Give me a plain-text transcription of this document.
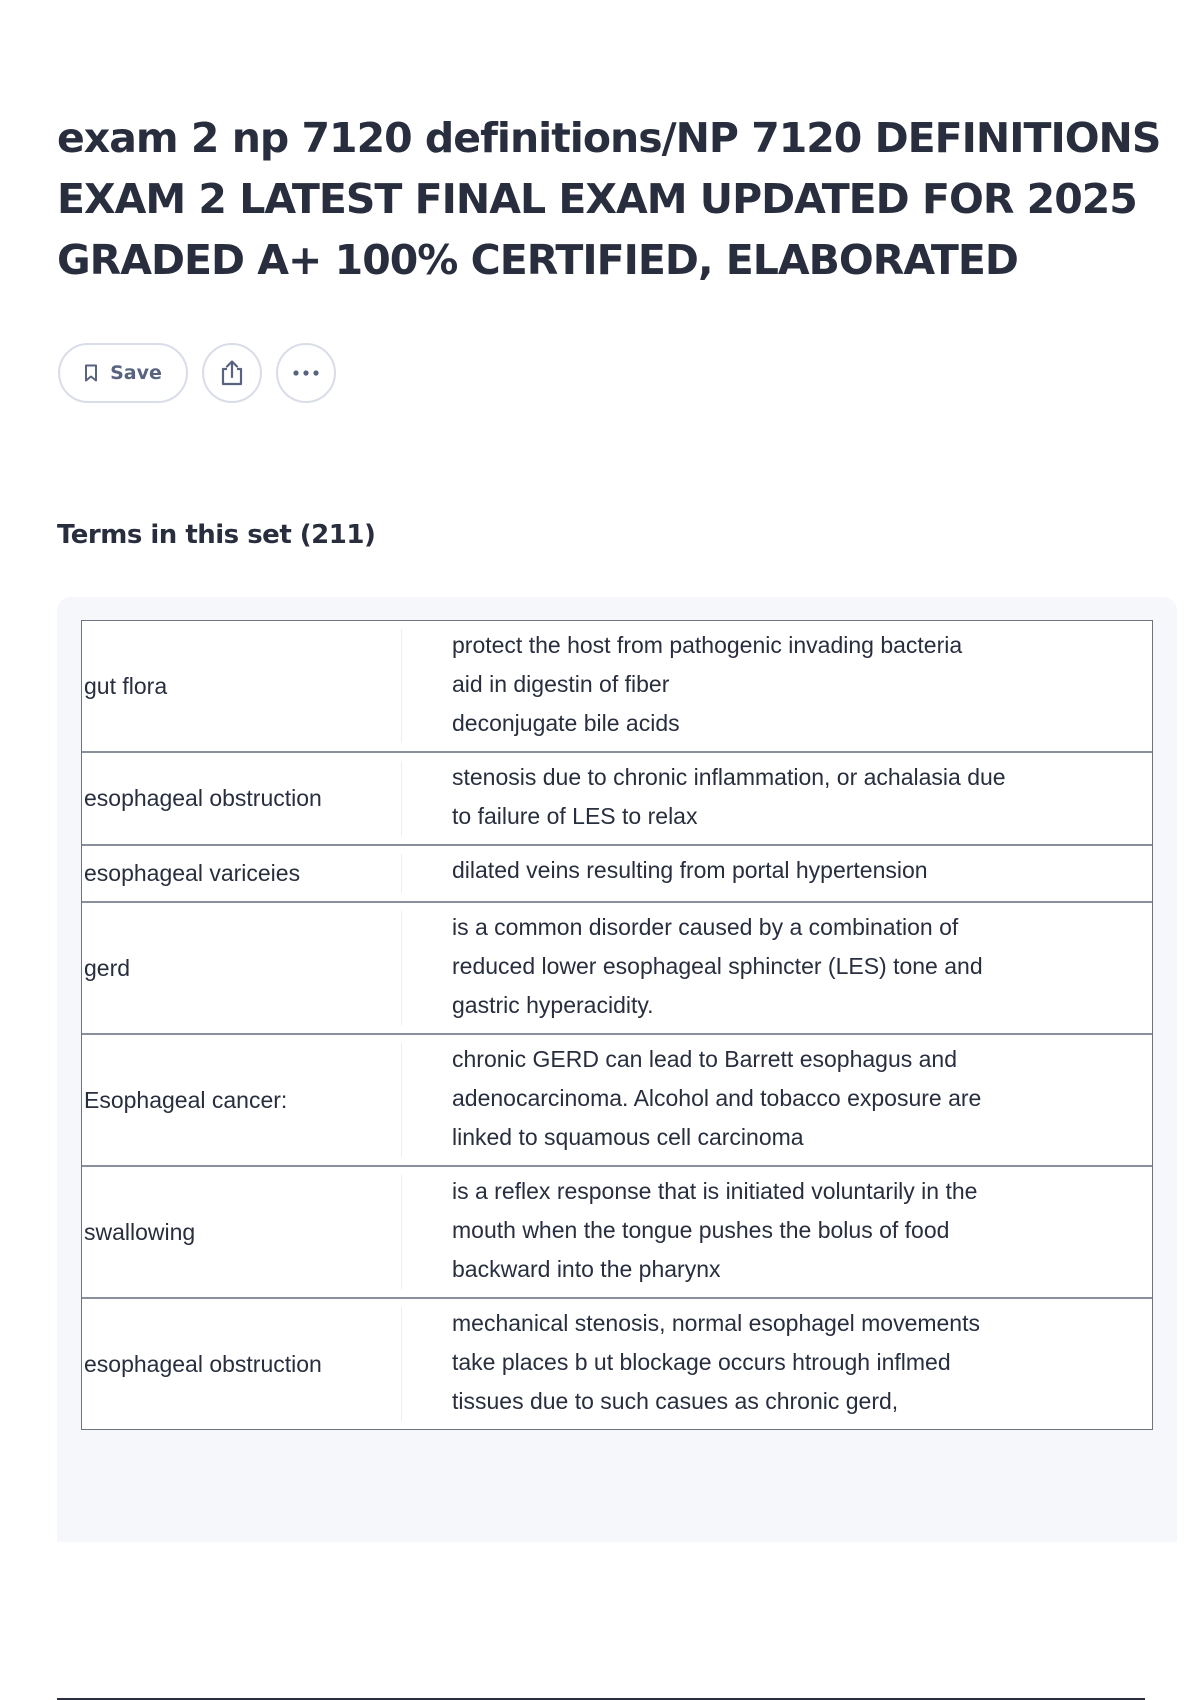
exam 2 np 7120 definitions/NP 7120 DEFINITIONS EXAM 2 LATEST FINAL EXAM UPDATED FOR 2025 GRADED A+ 100% CERTIFIED, ELABORATED
Save
Terms in this set (211)
gut flora
protect the host from pathogenic invading bacteria
aid in digestin of fiber
deconjugate bile acids
esophageal obstruction
stenosis due to chronic inflammation, or achalasia due
to failure of LES to relax
esophageal variceies	dilated veins resulting from portal hypertension
gerd
is a common disorder caused by a combination of
reduced lower esophageal sphincter (LES) tone and
gastric hyperacidity.
Esophageal cancer:
chronic GERD can lead to Barrett esophagus and
adenocarcinoma. Alcohol and tobacco exposure are
linked to squamous cell carcinoma
swallowing
is a reflex response that is initiated voluntarily in the
mouth when the tongue pushes the bolus of food
backward into the pharynx
esophageal obstruction
mechanical stenosis, normal esophagel movements
take places b ut blockage occurs htrough inflmed
tissues due to such casues as chronic gerd,
